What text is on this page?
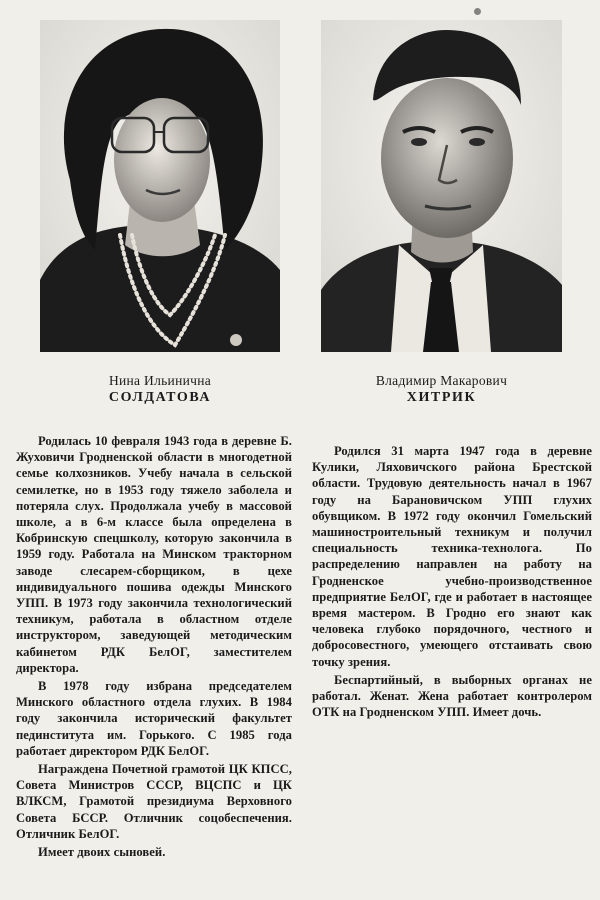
Нина Ильинична
СОЛДАТОВА
Владимир Макарович
ХИТРИК

Родилась 10 февраля 1943 года в деревне Б. Жуховичи Гродненской области в многодетной семье колхозников. Учебу начала в сельской семилетке, но в 1953 году тяжело заболела и потеряла слух. Продолжала учебу в массовой школе, а в 6-м классе была определена в Кобринскую спецшколу, которую закончила в 1959 году. Работала на Минском тракторном заводе слесарем-сборщиком, в цехе индивидуального пошива одежды Минского УПП. В 1973 году закончила технологический техникум, работала в областном отделе инструктором, заведующей методическим кабинетом РДК БелОГ, заместителем директора.

В 1978 году избрана председателем Минского областного отдела глухих. В 1984 году закончила исторический факультет пединститута им. Горького. С 1985 года работает директором РДК БелОГ.

Награждена Почетной грамотой ЦК КПСС, Совета Министров СССР, ВЦСПС и ЦК ВЛКСМ, Грамотой президиума Верховного Совета БССР. Отличник соцобеспечения. Отличник БелОГ.

Имеет двоих сыновей.

Родился 31 марта 1947 года в деревне Кулики, Ляховичского района Брестской области. Трудовую деятельность начал в 1967 году на Барановичском УПП глухих обувщиком. В 1972 году окончил Гомельский машиностроительный техникум и получил специальность техника-технолога. По распределению направлен на работу на Гродненское учебно-производственное предприятие БелОГ, где и работает в настоящее время мастером. В Гродно его знают как человека глубоко порядочного, честного и добросовестного, умеющего отстаивать свою точку зрения.

Беспартийный, в выборных органах не работал. Женат. Жена работает контролером ОТК на Гродненском УПП. Имеет дочь.
